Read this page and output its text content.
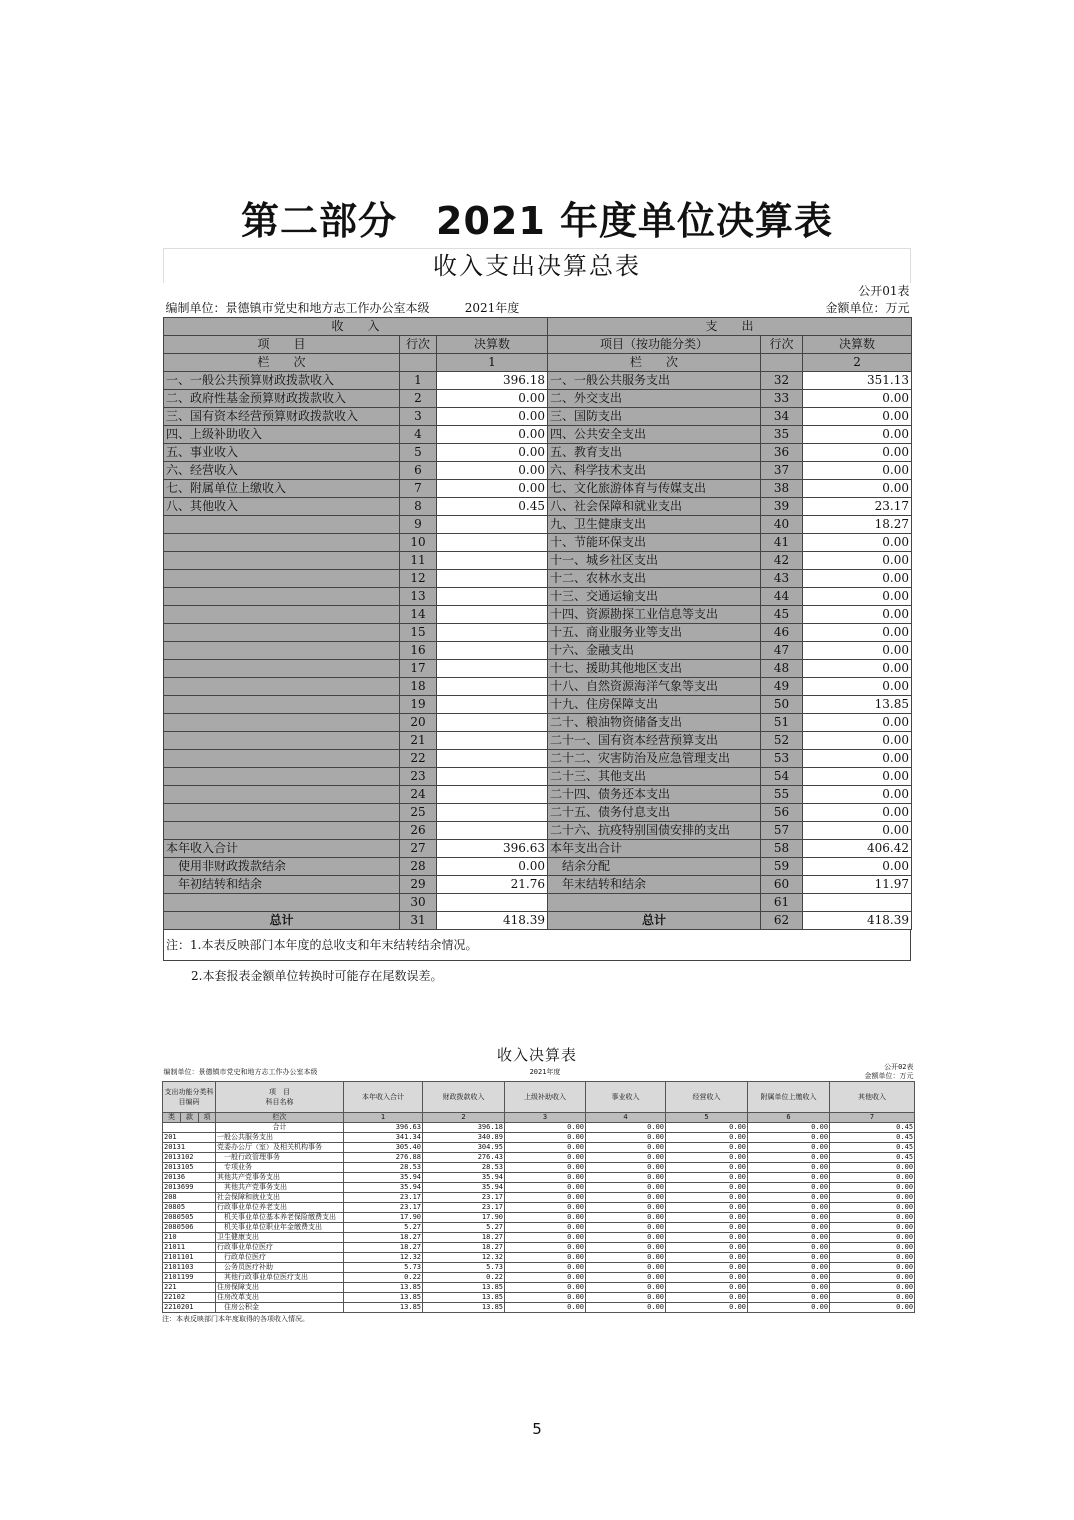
第二部分　2021 年度单位决算表
收入支出决算总表
					公开01表
编制单位：景德镇市党史和地方志工作办公室本级		2021年度			金额单位：万元
收　　入			支　　出		
项　　目	行次	决算数	项目（按功能分类）	行次	决算数
栏　　次		1	栏　　次		2
一、一般公共预算财政拨款收入	1	396.18	一、一般公共服务支出	32	351.13
二、政府性基金预算财政拨款收入	2	0.00	二、外交支出	33	0.00
三、国有资本经营预算财政拨款收入	3	0.00	三、国防支出	34	0.00
四、上级补助收入	4	0.00	四、公共安全支出	35	0.00
五、事业收入	5	0.00	五、教育支出	36	0.00
六、经营收入	6	0.00	六、科学技术支出	37	0.00
七、附属单位上缴收入	7	0.00	七、文化旅游体育与传媒支出	38	0.00
八、其他收入	8	0.45	八、社会保障和就业支出	39	23.17
	9		九、卫生健康支出	40	18.27
	10		十、节能环保支出	41	0.00
	11		十一、城乡社区支出	42	0.00
	12		十二、农林水支出	43	0.00
	13		十三、交通运输支出	44	0.00
	14		十四、资源勘探工业信息等支出	45	0.00
	15		十五、商业服务业等支出	46	0.00
	16		十六、金融支出	47	0.00
	17		十七、援助其他地区支出	48	0.00
	18		十八、自然资源海洋气象等支出	49	0.00
	19		十九、住房保障支出	50	13.85
	20		二十、粮油物资储备支出	51	0.00
	21		二十一、国有资本经营预算支出	52	0.00
	22		二十二、灾害防治及应急管理支出	53	0.00
	23		二十三、其他支出	54	0.00
	24		二十四、债务还本支出	55	0.00
	25		二十五、债务付息支出	56	0.00
	26		二十六、抗疫特别国债安排的支出	57	0.00
本年收入合计	27	396.63	本年支出合计	58	406.42
　使用非财政拨款结余	28	0.00	　结余分配	59	0.00
　年初结转和结余	29	21.76	　年末结转和结余	60	11.97
	30			61	
总计	31	418.39	总计	62	418.39
注：1.本表反映部门本年度的总收支和年末结转结余情况。
2.本套报表金额单位转换时可能存在尾数误差。
收入决算表
编制单位：景德镇市党史和地方志工作办公室本级						2021年度				公开02表
金额单位：万元
支出功能分类科目编码			项　目
科目名称	本年收入合计	财政拨款收入	上级补助收入	事业收入	经营收入	附属单位上缴收入	其他收入
类	款	项	栏次	1	2	3	4	5	6	7
			合计	396.63	396.18	0.00	0.00	0.00	0.00	0.45
201			一般公共服务支出	341.34	340.89	0.00	0.00	0.00	0.00	0.45
20131			党委办公厅（室）及相关机构事务	305.40	304.95	0.00	0.00	0.00	0.00	0.45
2013102			　一般行政管理事务	276.88	276.43	0.00	0.00	0.00	0.00	0.45
2013105			　专项业务	28.53	28.53	0.00	0.00	0.00	0.00	0.00
20136			其他共产党事务支出	35.94	35.94	0.00	0.00	0.00	0.00	0.00
2013699			　其他共产党事务支出	35.94	35.94	0.00	0.00	0.00	0.00	0.00
208			社会保障和就业支出	23.17	23.17	0.00	0.00	0.00	0.00	0.00
20805			行政事业单位养老支出	23.17	23.17	0.00	0.00	0.00	0.00	0.00
2080505			　机关事业单位基本养老保险缴费支出	17.90	17.90	0.00	0.00	0.00	0.00	0.00
2080506			　机关事业单位职业年金缴费支出	5.27	5.27	0.00	0.00	0.00	0.00	0.00
210			卫生健康支出	18.27	18.27	0.00	0.00	0.00	0.00	0.00
21011			行政事业单位医疗	18.27	18.27	0.00	0.00	0.00	0.00	0.00
2101101			　行政单位医疗	12.32	12.32	0.00	0.00	0.00	0.00	0.00
2101103			　公务员医疗补助	5.73	5.73	0.00	0.00	0.00	0.00	0.00
2101199			　其他行政事业单位医疗支出	0.22	0.22	0.00	0.00	0.00	0.00	0.00
221			住房保障支出	13.85	13.85	0.00	0.00	0.00	0.00	0.00
22102			住房改革支出	13.85	13.85	0.00	0.00	0.00	0.00	0.00
2210201			　住房公积金	13.85	13.85	0.00	0.00	0.00	0.00	0.00
注：本表反映部门本年度取得的各项收入情况。
5
